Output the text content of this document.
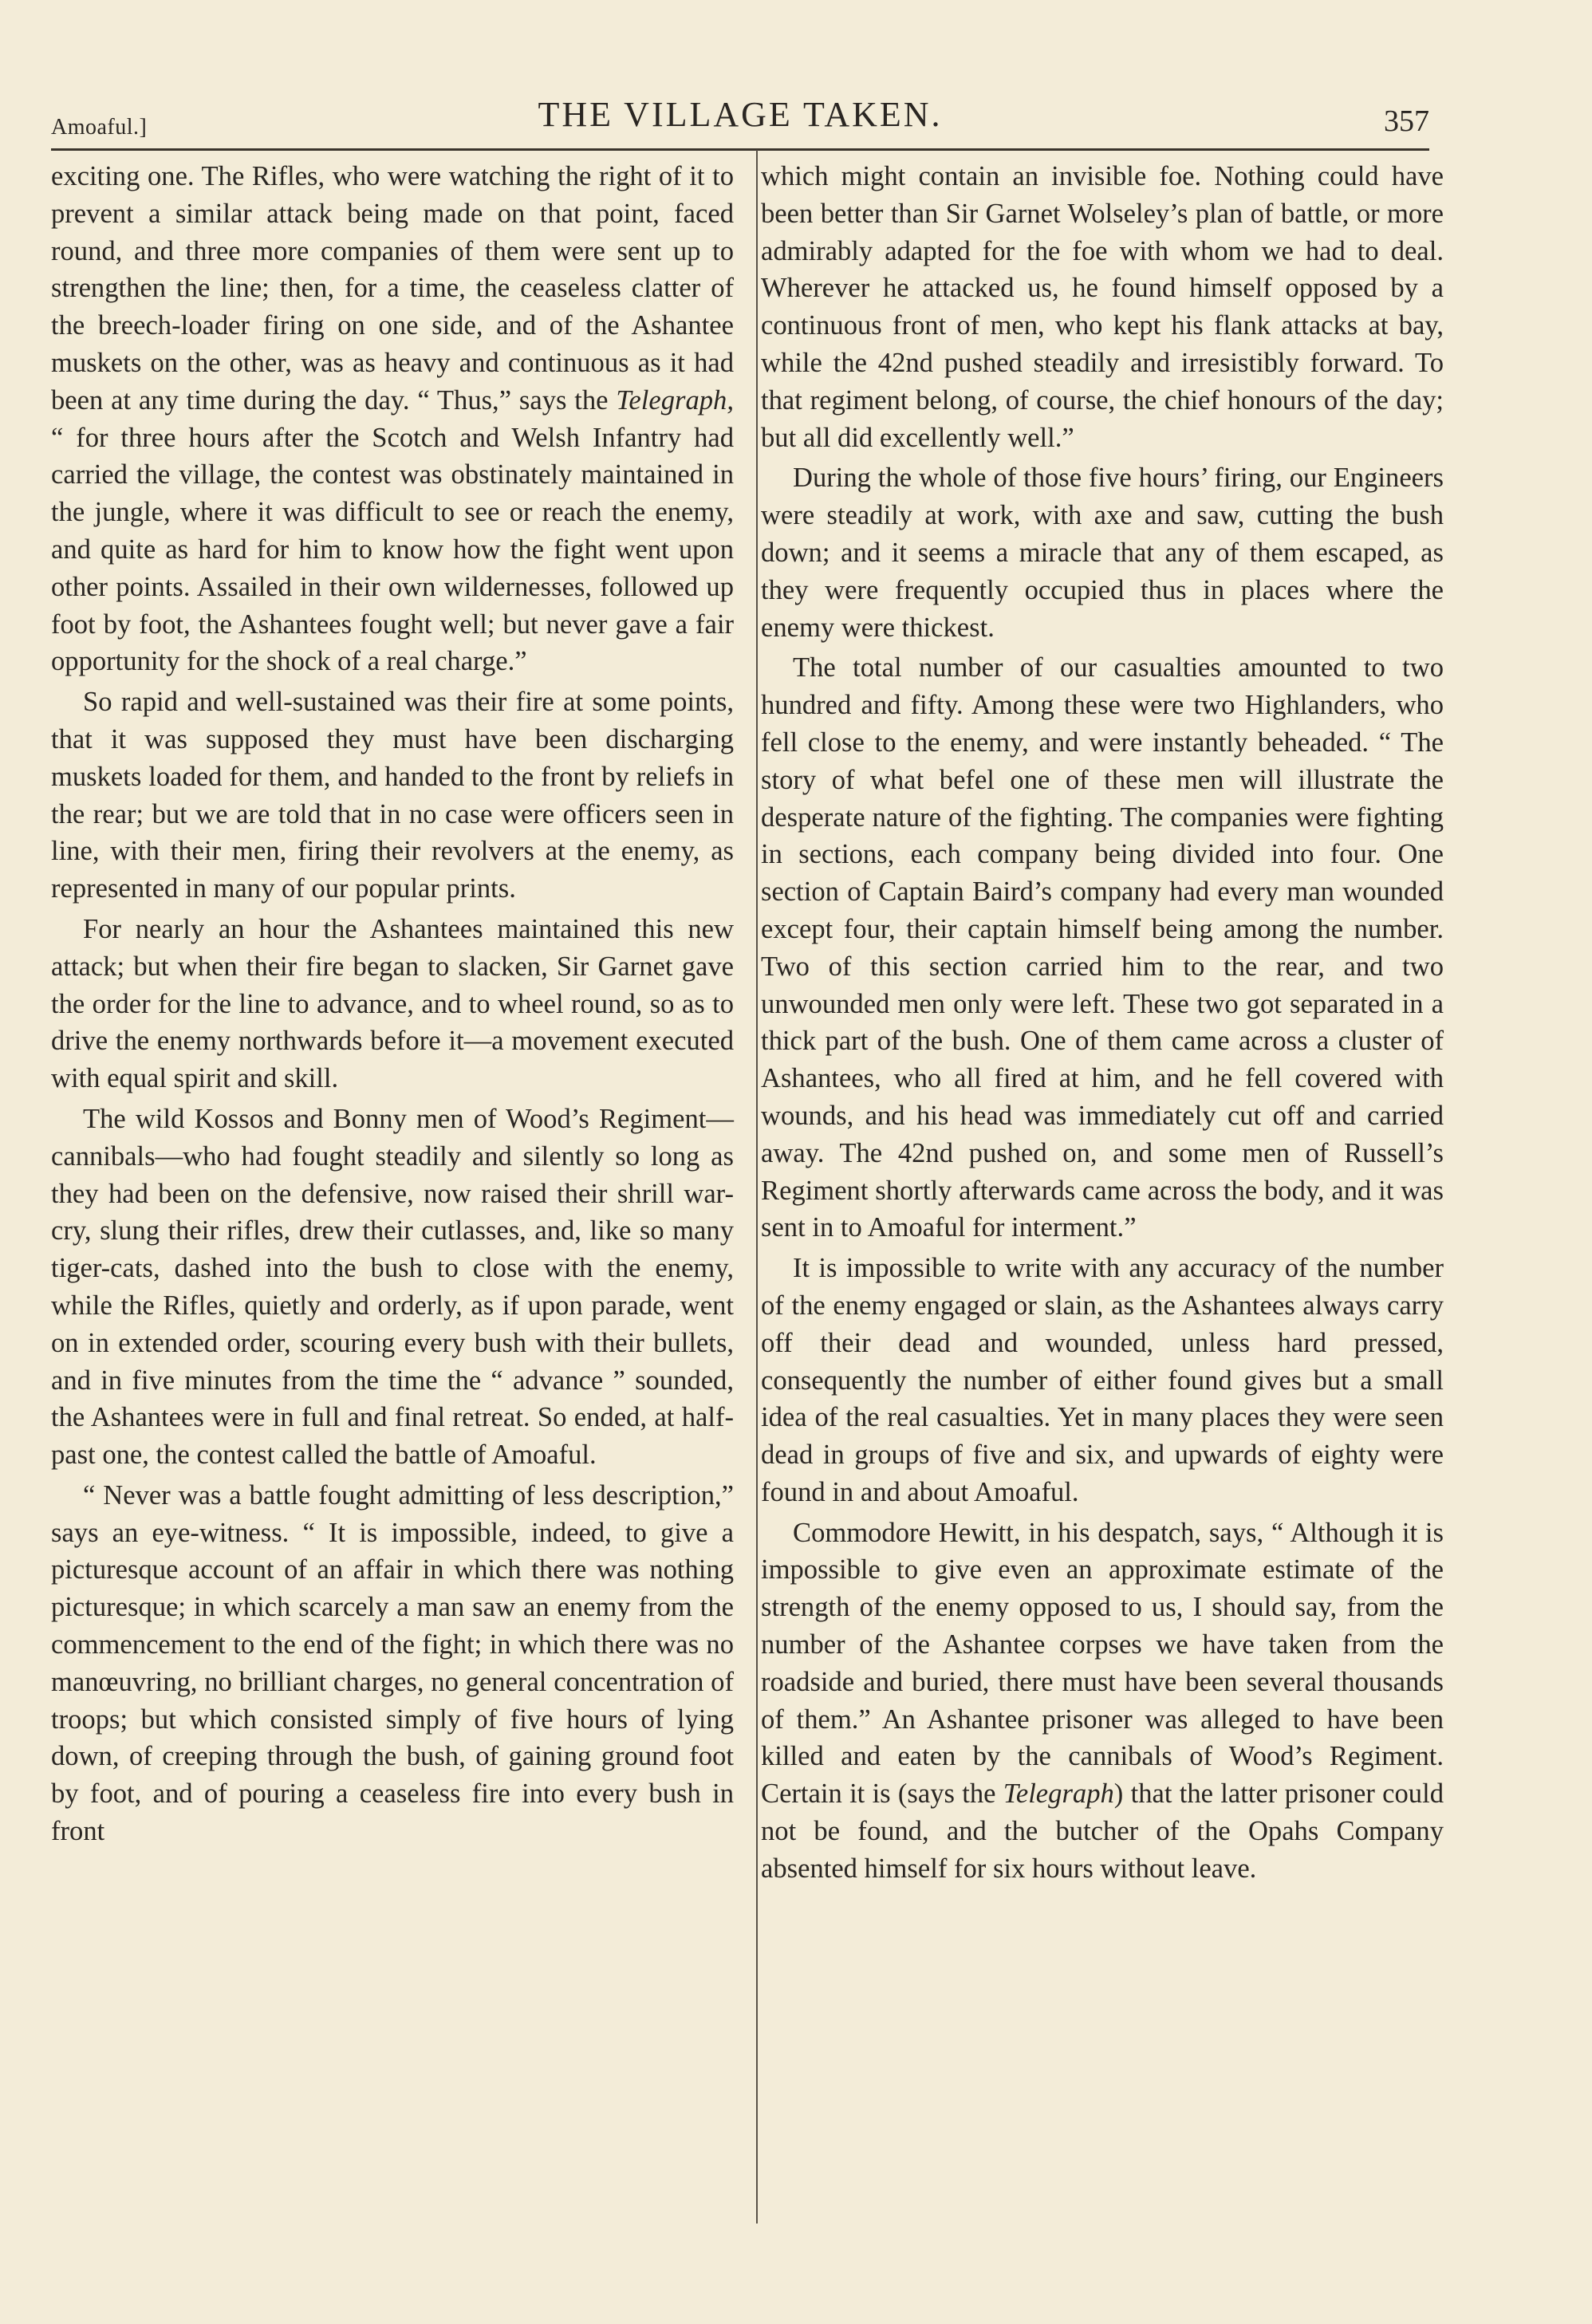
Amoaful.]	THE VILLAGE TAKEN.	357

exciting one. The Rifles, who were watching the right of it to prevent a similar attack being made on that point, faced round, and three more companies of them were sent up to strengthen the line; then, for a time, the ceaseless clatter of the breech-loader firing on one side, and of the Ashantee muskets on the other, was as heavy and continuous as it had been at any time during the day. “ Thus,” says the Telegraph, “ for three hours after the Scotch and Welsh Infantry had carried the village, the contest was obstinately maintained in the jungle, where it was difficult to see or reach the enemy, and quite as hard for him to know how the fight went upon other points. Assailed in their own wildernesses, followed up foot by foot, the Ashantees fought well; but never gave a fair opportunity for the shock of a real charge.”

So rapid and well-sustained was their fire at some points, that it was supposed they must have been discharging muskets loaded for them, and handed to the front by reliefs in the rear; but we are told that in no case were officers seen in line, with their men, firing their revolvers at the enemy, as represented in many of our popular prints.

For nearly an hour the Ashantees maintained this new attack; but when their fire began to slacken, Sir Garnet gave the order for the line to advance, and to wheel round, so as to drive the enemy northwards before it—a movement executed with equal spirit and skill.

The wild Kossos and Bonny men of Wood’s Regiment—cannibals—who had fought steadily and silently so long as they had been on the defensive, now raised their shrill war-cry, slung their rifles, drew their cutlasses, and, like so many tiger-cats, dashed into the bush to close with the enemy, while the Rifles, quietly and orderly, as if upon parade, went on in extended order, scouring every bush with their bullets, and in five minutes from the time the “ advance ” sounded, the Ashantees were in full and final retreat. So ended, at half-past one, the contest called the battle of Amoaful.

“ Never was a battle fought admitting of less description,” says an eye-witness. “ It is impossible, indeed, to give a picturesque account of an affair in which there was nothing picturesque; in which scarcely a man saw an enemy from the commencement to the end of the fight; in which there was no manœuvring, no brilliant charges, no general concentration of troops; but which consisted simply of five hours of lying down, of creeping through the bush, of gaining ground foot by foot, and of pouring a ceaseless fire into every bush in front

which might contain an invisible foe. Nothing could have been better than Sir Garnet Wolseley’s plan of battle, or more admirably adapted for the foe with whom we had to deal. Wherever he attacked us, he found himself opposed by a continuous front of men, who kept his flank attacks at bay, while the 42nd pushed steadily and irresistibly forward. To that regiment belong, of course, the chief honours of the day; but all did excellently well.”

During the whole of those five hours’ firing, our Engineers were steadily at work, with axe and saw, cutting the bush down; and it seems a miracle that any of them escaped, as they were frequently occupied thus in places where the enemy were thickest.

The total number of our casualties amounted to two hundred and fifty. Among these were two Highlanders, who fell close to the enemy, and were instantly beheaded. “ The story of what befel one of these men will illustrate the desperate nature of the fighting. The companies were fighting in sections, each company being divided into four. One section of Captain Baird’s company had every man wounded except four, their captain himself being among the number. Two of this section carried him to the rear, and two unwounded men only were left. These two got separated in a thick part of the bush. One of them came across a cluster of Ashantees, who all fired at him, and he fell covered with wounds, and his head was immediately cut off and carried away. The 42nd pushed on, and some men of Russell’s Regiment shortly afterwards came across the body, and it was sent in to Amoaful for interment.”

It is impossible to write with any accuracy of the number of the enemy engaged or slain, as the Ashantees always carry off their dead and wounded, unless hard pressed, consequently the number of either found gives but a small idea of the real casualties. Yet in many places they were seen dead in groups of five and six, and upwards of eighty were found in and about Amoaful.

Commodore Hewitt, in his despatch, says, “ Although it is impossible to give even an approximate estimate of the strength of the enemy opposed to us, I should say, from the number of the Ashantee corpses we have taken from the roadside and buried, there must have been several thousands of them.” An Ashantee prisoner was alleged to have been killed and eaten by the cannibals of Wood’s Regiment. Certain it is (says the Telegraph) that the latter prisoner could not be found, and the butcher of the Opahs Company absented himself for six hours without leave.
